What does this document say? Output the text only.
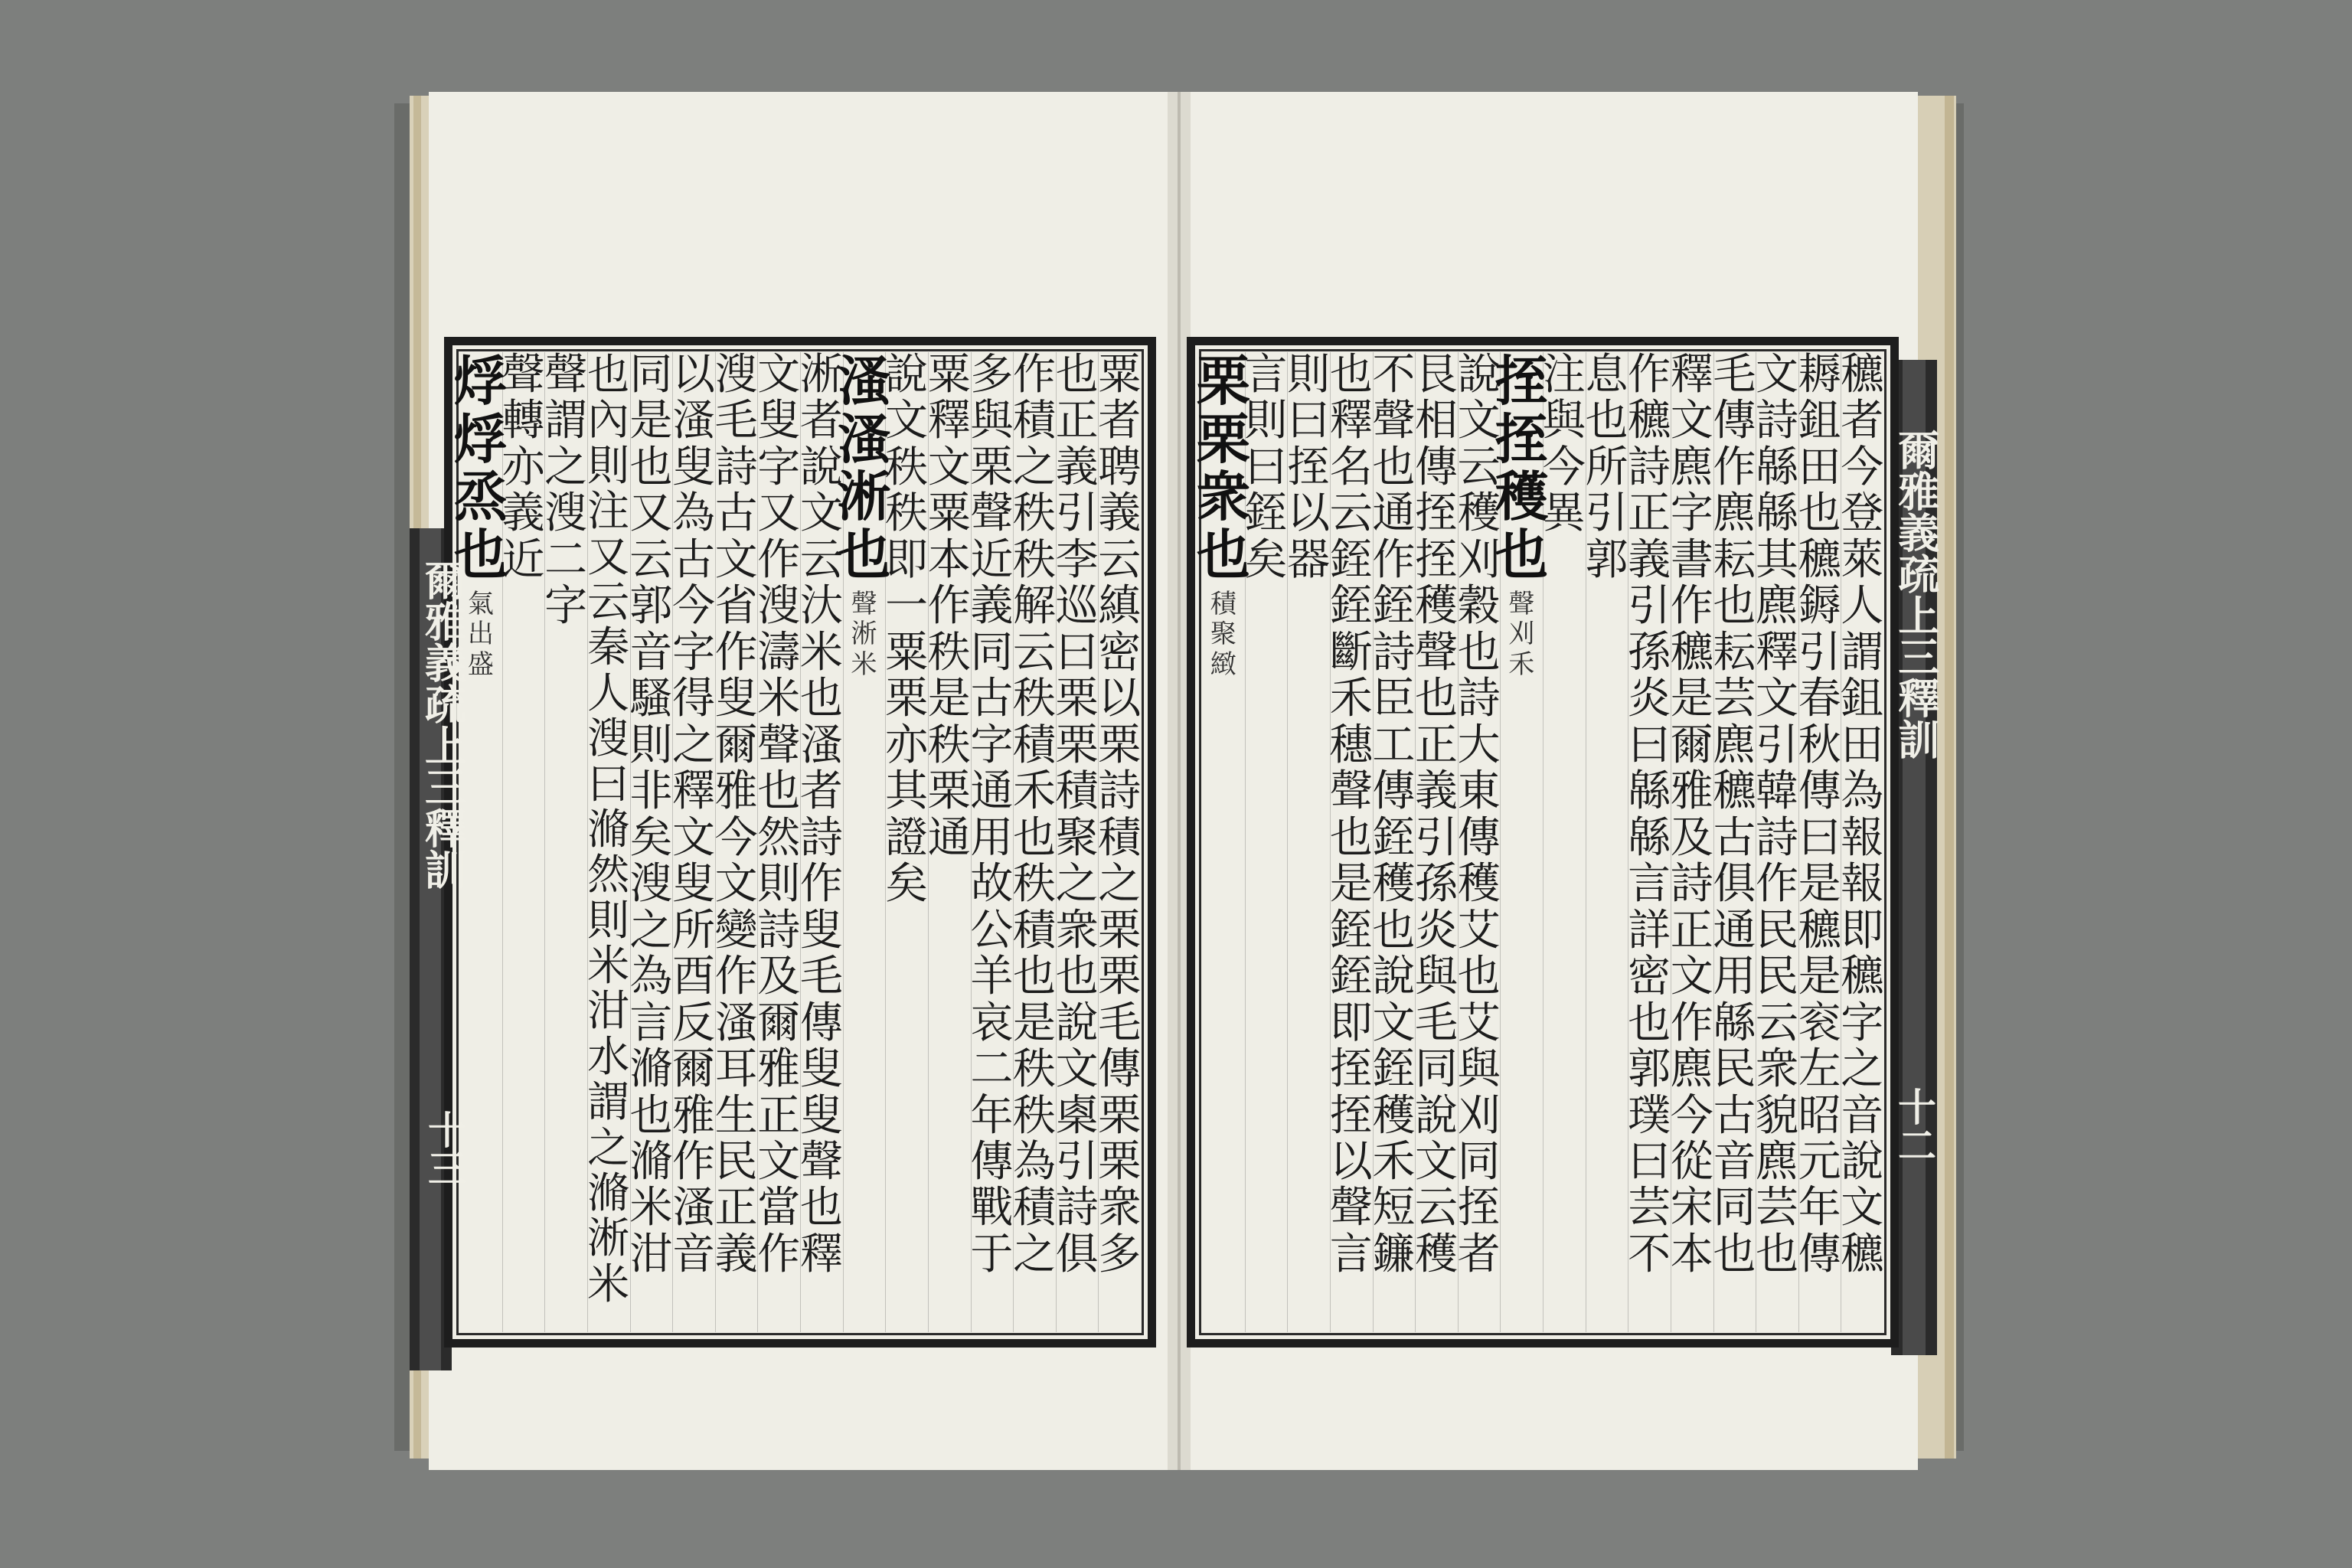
爾雅義疏上三釋訓
十三
粟
者
聘
義
云
縝
密
以
栗
詩
積
之
栗
栗
毛
傳
栗
栗
衆
多
也
正
義
引
李
巡
曰
栗
栗
積
聚
之
衆
也
說
文
㮚
引
詩
俱
作
積
之
秩
秩
解
云
秩
積
禾
也
秩
積
也
是
秩
秩
為
積
之
多
與
栗
聲
近
義
同
古
字
通
用
故
公
羊
哀
二
年
傳
戰
于
粟
釋
文
粟
本
作
秩
是
秩
栗
通
說
文
秩
秩
即
一
粟
栗
亦
其
證
矣
溞
溞
淅
也
聲
淅
米
淅
者
說
文
云
汏
米
也
溞
者
詩
作
叟
毛
傳
叟
叟
聲
也
釋
文
叟
字
又
作
溲
濤
米
聲
也
然
則
詩
及
爾
雅
正
文
當
作
溲
毛
詩
古
文
省
作
叟
爾
雅
今
文
變
作
溞
耳
生
民
正
義
以
溞
叟
為
古
今
字
得
之
釋
文
叟
所
酉
反
爾
雅
作
溞
音
同
是
也
又
云
郭
音
騷
則
非
矣
溲
之
為
言
滫
也
滫
米
泔
也
內
則
注
又
云
秦
人
溲
曰
滫
然
則
米
泔
水
謂
之
滫
淅
米
聲
謂
之
溲
二
字
聲
轉
亦
義
近
烰
烰
烝
也
氣
出
盛	爾雅義疏上三釋訓
十二
穮
者
今
登
萊
人
謂
鉏
田
為
報
報
即
穮
字
之
音
說
文
穮
耨
鉏
田
也
穮
鎒
引
春
秋
傳
曰
是
穮
是
衮
左
昭
元
年
傳
文
詩
緜
緜
其
麃
釋
文
引
韓
詩
作
民
民
云
衆
貌
麃
芸
也
毛
傳
作
麃
耘
也
耘
芸
麃
穮
古
俱
通
用
緜
民
古
音
同
也
釋
文
麃
字
書
作
穮
是
爾
雅
及
詩
正
文
作
麃
今
從
宋
本
作
穮
詩
正
義
引
孫
炎
曰
緜
緜
言
詳
密
也
郭
璞
曰
芸
不
息
也
所
引
郭
注
與
今
異
挃
挃
穫
也
聲
刈
禾
說
文
云
穫
刈
穀
也
詩
大
東
傳
穫
艾
也
艾
與
刈
同
挃
者
艮
相
傳
挃
挃
穫
聲
也
正
義
引
孫
炎
與
毛
同
說
文
云
穫
不
聲
也
通
作
銍
詩
臣
工
傳
銍
穫
也
說
文
銍
穫
禾
短
鐮
也
釋
名
云
銍
銍
斷
禾
穗
聲
也
是
銍
銍
即
挃
挃
以
聲
言
則
曰
挃
以
器
言
則
曰
銍
矣
栗
栗
衆
也
積
聚
緻
